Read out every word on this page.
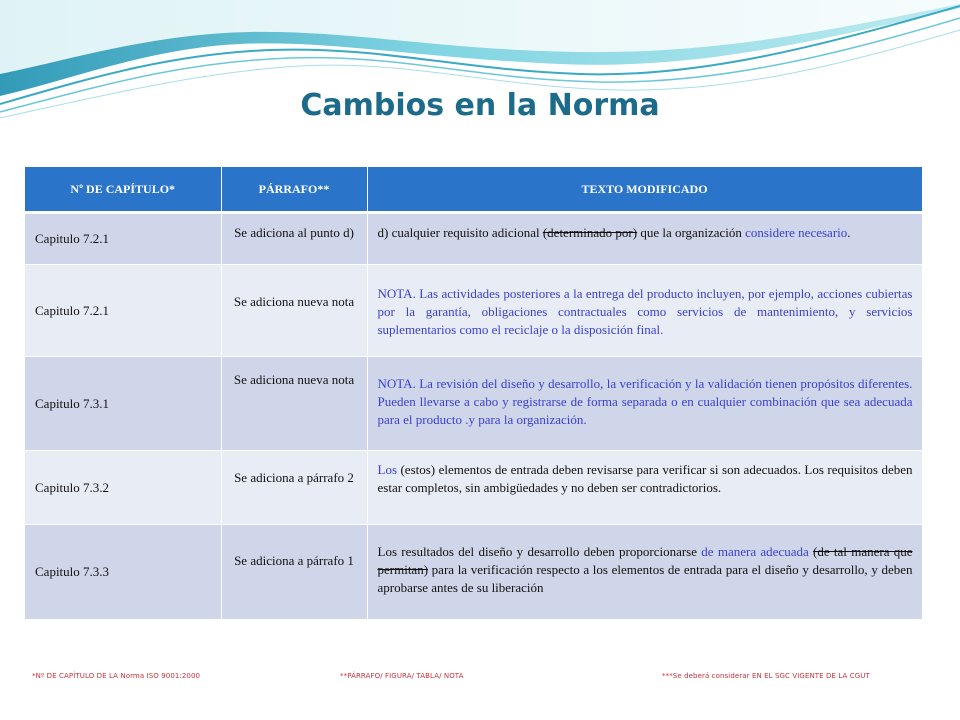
Cambios en la Norma
Nº DE CAPÍTULO*	PÁRRAFO**	TEXTO MODIFICADO
Capitulo 7.2.1	Se adiciona al punto d)	d) cualquier requisito adicional (determinado por) que la organización considere necesario.
Capitulo 7.2.1	Se adiciona nueva nota	NOTA. Las actividades posteriores a la entrega del producto incluyen, por ejemplo, acciones cubiertas por la garantía, obligaciones contractuales como servicios de mantenimiento, y servicios suplementarios como el reciclaje o la disposición final.
Capitulo 7.3.1	Se adiciona nueva nota	NOTA. La revisión del diseño y desarrollo, la verificación y la validación tienen propósitos diferentes. Pueden llevarse a cabo y registrarse de forma separada o en cualquier combinación que sea adecuada para el producto .y para la organización.
Capitulo 7.3.2	Se adiciona a párrafo 2	Los (estos) elementos de entrada deben revisarse para verificar si son adecuados. Los requisitos deben estar completos, sin ambigüedades y no deben ser contradictorios.
Capitulo 7.3.3	Se adiciona a párrafo 1	Los resultados del diseño y desarrollo deben proporcionarse de manera adecuada (de tal manera que permitan) para la verificación respecto a los elementos de entrada para el diseño y desarrollo, y deben aprobarse antes de su liberación
*Nº DE CAPÍTULO DE LA Norma ISO 9001:2000	**PÁRRAFO/ FIGURA/ TABLA/ NOTA	***Se deberá considerar EN EL SGC VIGENTE DE LA CGUT
